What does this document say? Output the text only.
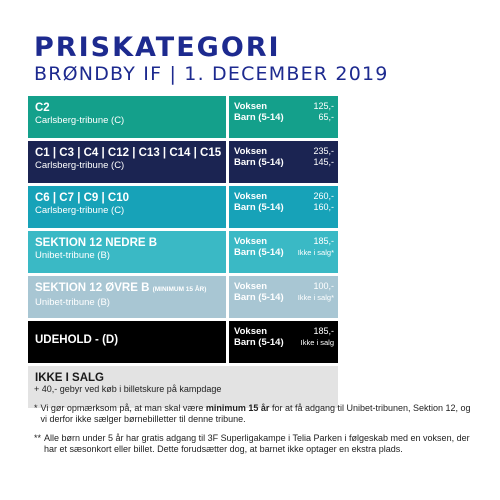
PRISKATEGORI
BRØNDBY IF | 1. DECEMBER 2019
C2
Carlsberg-tribune (C)
Voksen	125,-
Barn (5-14)	65,-
C1 | C3 | C4 | C12 | C13 | C14 | C15
Carlsberg-tribune (C)
Voksen	235,-
Barn (5-14)	145,-
C6 | C7 | C9 | C10
Carlsberg-tribune (C)
Voksen	260,-
Barn (5-14)	160,-
SEKTION 12 NEDRE B
Unibet-tribune (B)
Voksen	185,-
Barn (5-14) Ikke i salg*
SEKTION 12 ØVRE B (MINIMUM 15 ÅR)
Unibet-tribune (B)
Voksen	100,-
Barn (5-14) Ikke i salg*
UDEHOLD - (D)
Voksen	185,-
Barn (5-14) Ikke i salg
IKKE I SALG
+ 40,- gebyr ved køb i billetskure på kampdage
* Vi gør opmærksom på, at man skal være minimum 15 år for at få adgang til Unibet-tribunen, Sektion 12, og vi derfor ikke sælger børnebilletter til denne tribune.
** Alle børn under 5 år har gratis adgang til 3F Superligakampe i Telia Parken i følgeskab med en voksen, der har et sæsonkort eller billet. Dette forudsætter dog, at barnet ikke optager en ekstra plads.
